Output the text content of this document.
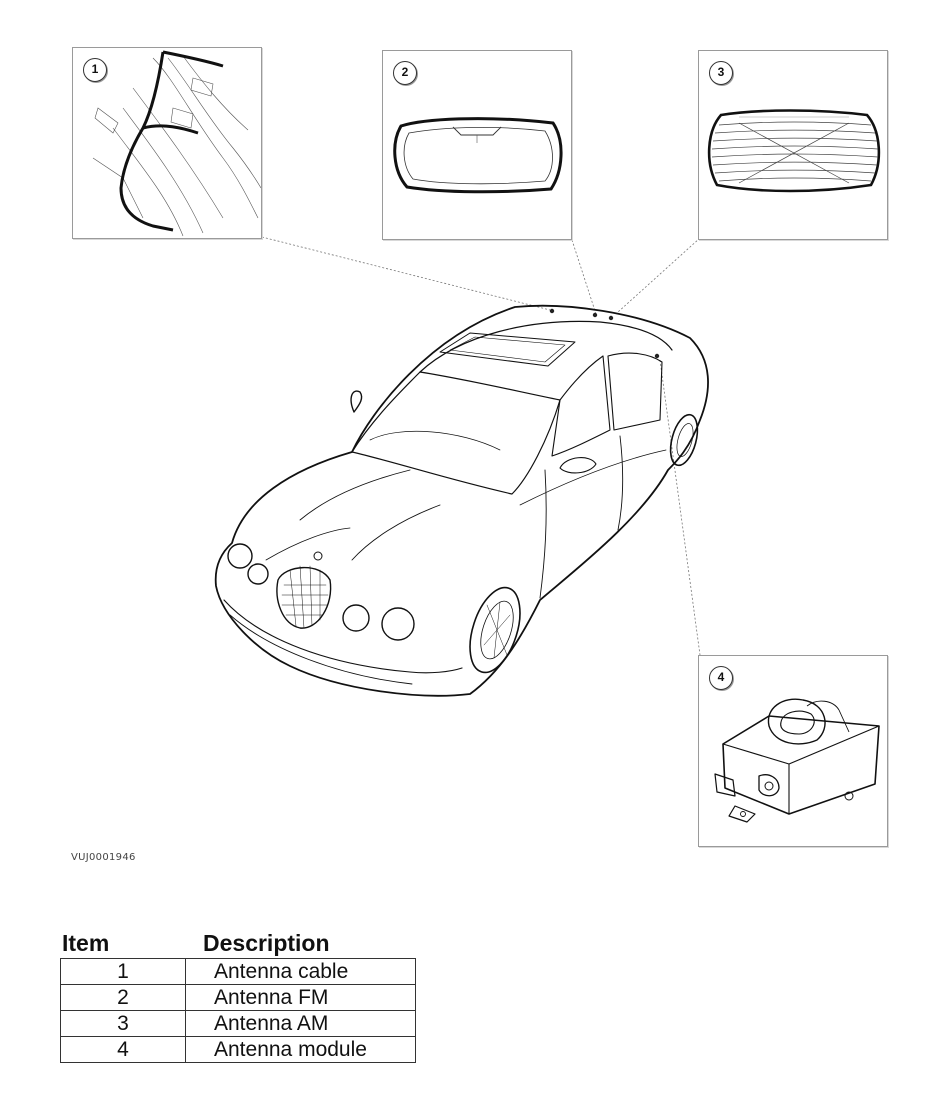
1	2	3
4
VUJ0001946
Item	Description
1	Antenna cable
2	Antenna FM
3	Antenna AM
4	Antenna module
